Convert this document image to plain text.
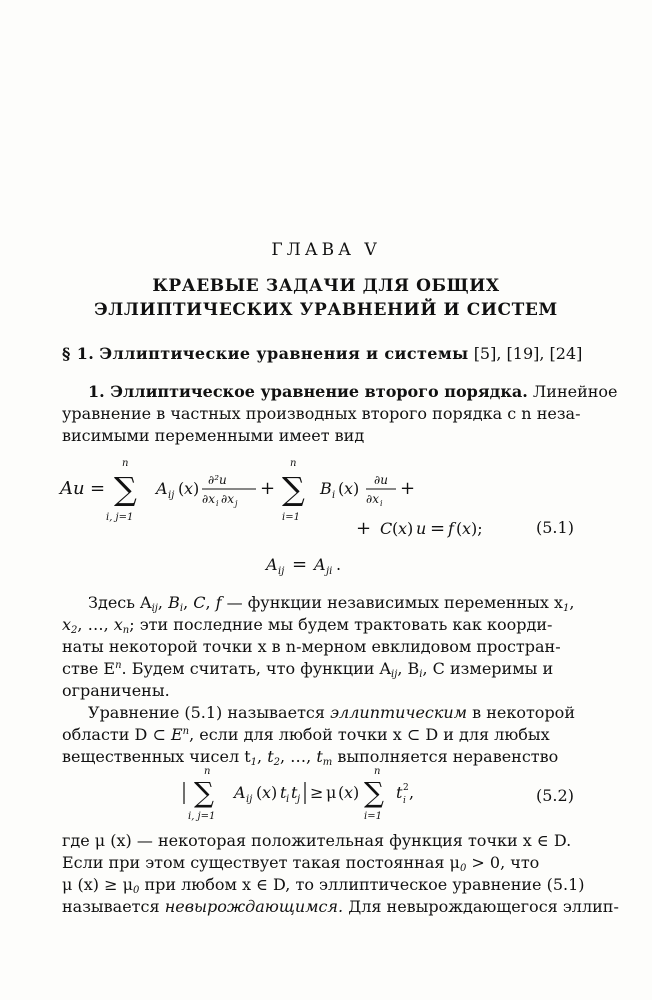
ГЛАВА V
КРАЕВЫЕ ЗАДАЧИ ДЛЯ ОБЩИХ
ЭЛЛИПТИЧЕСКИХ УРАВНЕНИЙ И СИСТЕМ
§ 1. Эллиптические уравнения и системы [5], [19], [24]
1. Эллиптическое уравнение второго порядка. Линейное
уравнение в частных производных второго порядка с n неза-
висимыми переменными имеет вид
Au =
n
∑
i, j=1
A ij ( x ) ∂²u
∂x i ∂x j
+
n
∑
i=1
B i ( x ) ∂u
∂x i
+
+ C ( x ) u = f ( x );
A ij = A ji .
(5.1)
Здесь $A_{ij}$, $B_i$, C, f — функции независимых переменных $x_1$,
$x_2$, …, $x_n$; эти последние мы будем трактовать как коорди-
наты некоторой точки x в n-мерном евклидовом простран-
стве $E^n$. Будем считать, что функции $A_{ij}$, $B_i$, C измеримы и
ограничены.
Уравнение (5.1) называется эллиптическим в некоторой
области D ⊂ $E^n$, если для любой точки x ⊂ D и для любых
вещественных чисел $t_1$, $t_2$, …, $t_m$ выполняется неравенство
n
∑
i, j=1
A ij ( x ) t i t j ≥ μ ( x )
n
∑
i=1
t 2
i ,	(5.2)
где μ (x) — некоторая положительная функция точки x ∈ D.
Если при этом существует такая постоянная $\mu_0 > 0$, что
μ $(x) \ge \mu_0$ при любом x ∈ D, то эллиптическое уравнение (5.1)
называется невырождающимся. Для невырождающегося эллип-
